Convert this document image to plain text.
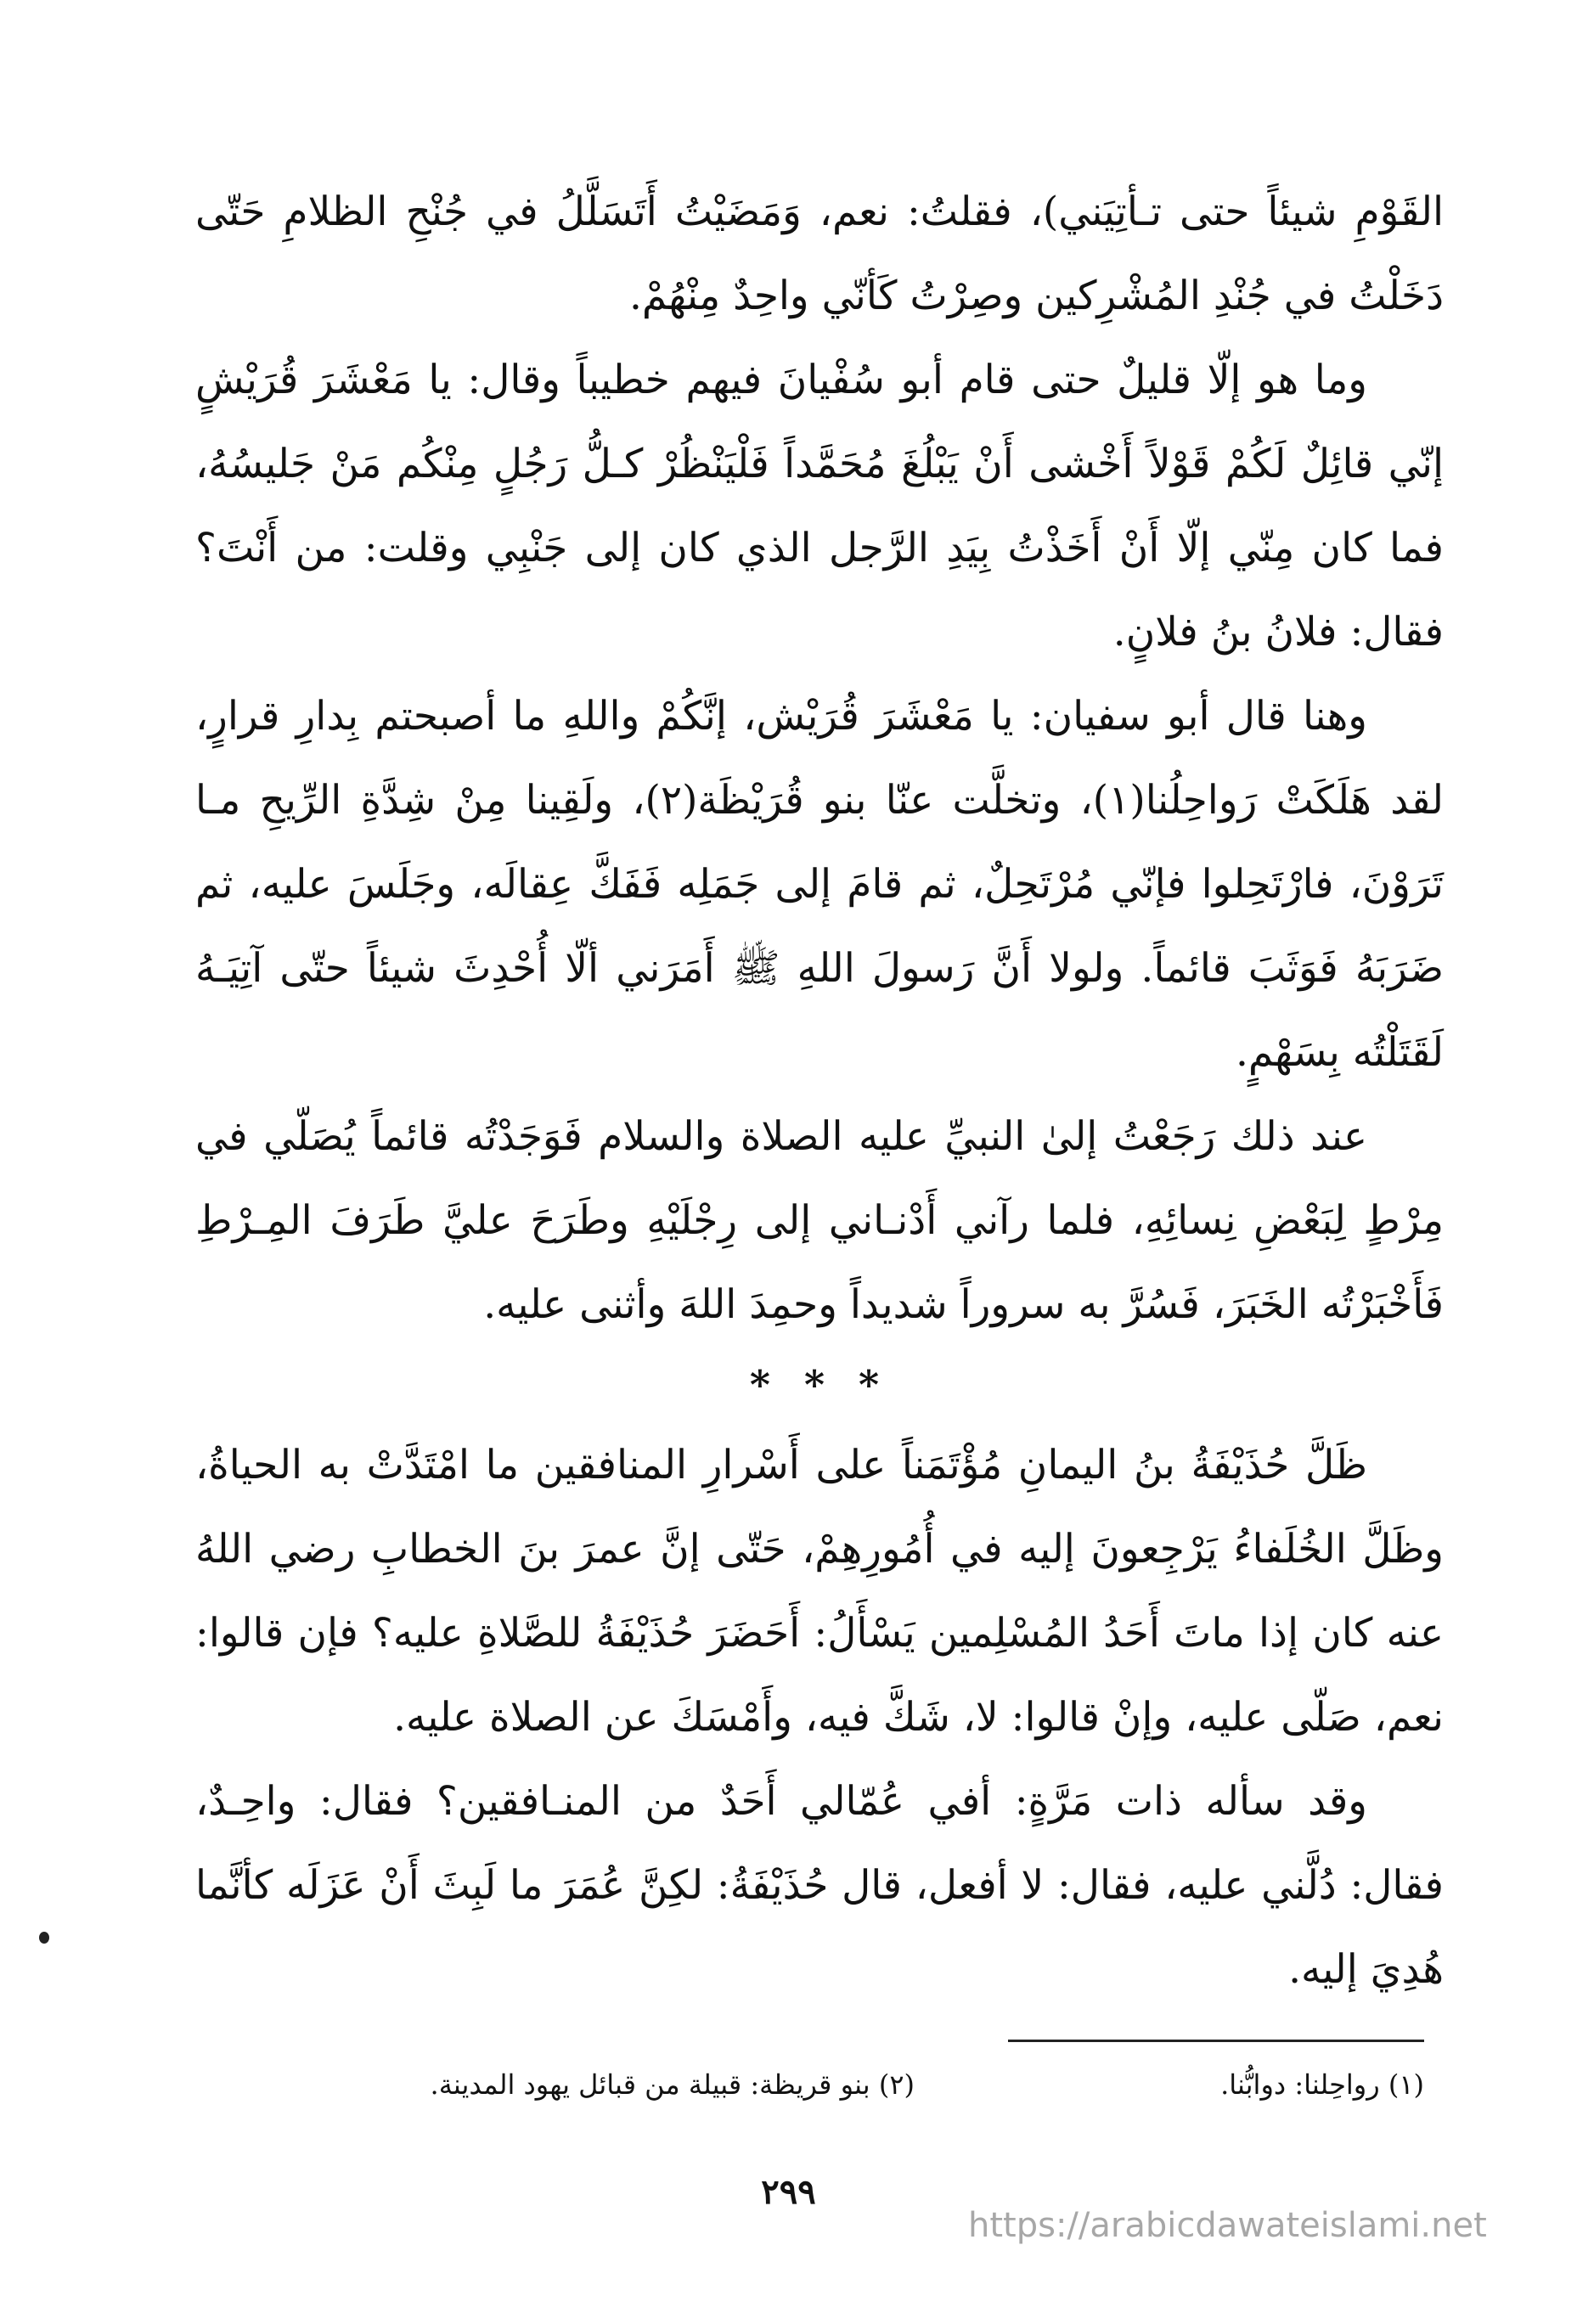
القَوْمِ شيئاً حتى تـأتِيَني)، فقلتُ: نعم، وَمَضَيْتُ أَتَسَلَّلُ في جُنْحِ الظلامِ حَتّى دَخَلْتُ في جُنْدِ المُشْرِكين وصِرْتُ كَأنّي واحِدٌ مِنْهُمْ.

وما هو إلّا قليلٌ حتى قام أبو سُفْيانَ فيهم خطيباً وقال: يا مَعْشَرَ قُرَيْشٍ إنّي قائِلٌ لَكُمْ قَوْلاً أَخْشى أَنْ يَبْلُغَ مُحَمَّداً فَلْيَنْظُرْ كـلُّ رَجُلٍ مِنْكُم مَنْ جَليسُهُ، فما كان مِنّي إلّا أَنْ أَخَذْتُ بِيَدِ الرَّجل الذي كان إلى جَنْبِي وقلت: من أَنْتَ؟ فقال: فلانُ بنُ فلانٍ.

وهنا قال أبو سفيان: يا مَعْشَرَ قُرَيْش، إنَّكُمْ واللهِ ما أصبحتم بِدارِ قرارٍ، لقد هَلَكَتْ رَواحِلُنا(١)، وتخلَّت عنّا بنو قُرَيْظَة(٢)، ولَقِينا مِنْ شِدَّةِ الرِّيحِ مـا تَرَوْنَ، فارْتَحِلوا فإنّي مُرْتَحِلٌ، ثم قامَ إلى جَمَلِه فَفَكَّ عِقالَه، وجَلَسَ عليه، ثم ضَرَبَهُ فَوَثَبَ قائماً. ولولا أَنَّ رَسولَ اللهِ ﷺ أَمَرَني ألّا أُحْدِثَ شيئاً حتّى آتِيَـهُ لَقَتَلْتُه بِسَهْمٍ.

عند ذلك رَجَعْتُ إلىٰ النبيِّ عليه الصلاة والسلام فَوَجَدْتُه قائماً يُصَلّي في مِرْطٍ لِبَعْضِ نِسائِهِ، فلما رآني أَدْنـاني إلى رِجْلَيْهِ وطَرَحَ عليَّ طَرَفَ المِـرْطِ فَأَخْبَرْتُه الخَبَرَ، فَسُرَّ به سروراً شديداً وحمِدَ اللهَ وأثنى عليه.

* * *

ظَلَّ حُذَيْفَةُ بنُ اليمانِ مُؤْتَمَناً على أَسْرارِ المنافقين ما امْتَدَّتْ به الحياةُ، وظَلَّ الخُلَفاءُ يَرْجِعونَ إليه في أُمُورِهِمْ، حَتّى إنَّ عمرَ بنَ الخطابِ رضي اللهُ عنه كان إذا ماتَ أَحَدُ المُسْلِمين يَسْأَلُ: أَحَضَرَ حُذَيْفَةُ للصَّلاةِ عليه؟ فإن قالوا: نعم، صَلّى عليه، وإنْ قالوا: لا، شَكَّ فيه، وأَمْسَكَ عن الصلاة عليه.

وقد سأله ذات مَرَّةٍ: أفي عُمّالي أَحَدٌ من المنـافقين؟ فقال: واحِـدٌ، فقال: دُلَّني عليه، فقال: لا أفعل، قال حُذَيْفَةُ: لكِنَّ عُمَرَ ما لَبِثَ أَنْ عَزَلَه كأنَّما هُدِيَ إليه.

(١) رواحِلنا: دوابُّنا.
(٢) بنو قريظة: قبيلة من قبائل يهود المدينة.
٢٩٩
https://arabicdawateislami.net
